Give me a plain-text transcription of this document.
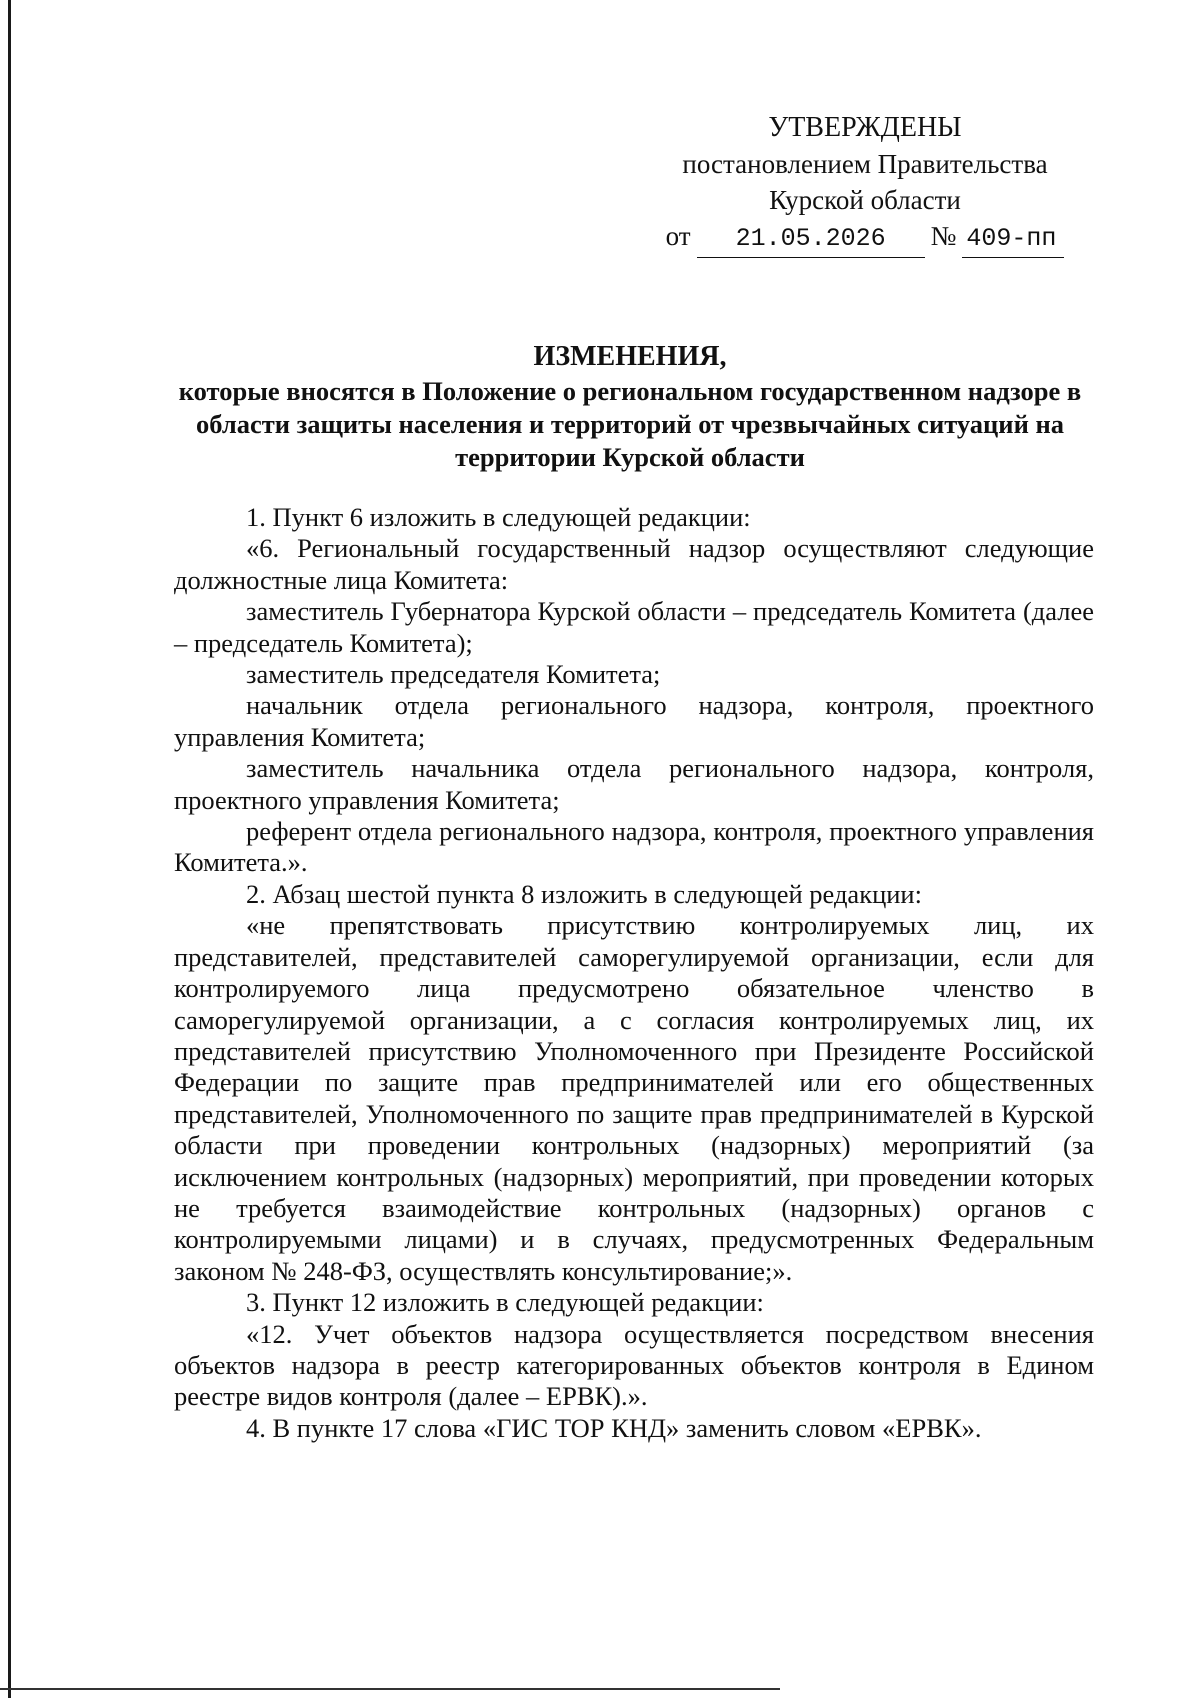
УТВЕРЖДЕНЫ
постановлением Правительства
Курской области
от	21.05.2026	№ 409-пп
ИЗМЕНЕНИЯ,
которые вносятся в Положение о региональном государственном надзоре в области защиты населения и территорий от чрезвычайных ситуаций на территории Курской области

1. Пункт 6 изложить в следующей редакции:

«6. Региональный государственный надзор осуществляют следующие должностные лица Комитета:

заместитель Губернатора Курской области – председатель Комитета (далее – председатель Комитета);

заместитель председателя Комитета;

начальник отдела регионального надзора, контроля, проектного управления Комитета;

заместитель начальника отдела регионального надзора, контроля, проектного управления Комитета;

референт отдела регионального надзора, контроля, проектного управления Комитета.».

2. Абзац шестой пункта 8 изложить в следующей редакции:

«не препятствовать присутствию контролируемых лиц, их представителей, представителей саморегулируемой организации, если для контролируемого лица предусмотрено обязательное членство в саморегулируемой организации, а с согласия контролируемых лиц, их представителей присутствию Уполномоченного при Президенте Российской Федерации по защите прав предпринимателей или его общественных представителей, Уполномоченного по защите прав предпринимателей в Курской области при проведении контрольных (надзорных) мероприятий (за исключением контрольных (надзорных) мероприятий, при проведении которых не требуется взаимодействие контрольных (надзорных) органов с контролируемыми лицами) и в случаях, предусмотренных Федеральным законом № 248-ФЗ, осуществлять консультирование;».

3. Пункт 12 изложить в следующей редакции:

«12. Учет объектов надзора осуществляется посредством внесения объектов надзора в реестр категорированных объектов контроля в Едином реестре видов контроля (далее – ЕРВК).».

4. В пункте 17 слова «ГИС ТОР КНД» заменить словом «ЕРВК».
